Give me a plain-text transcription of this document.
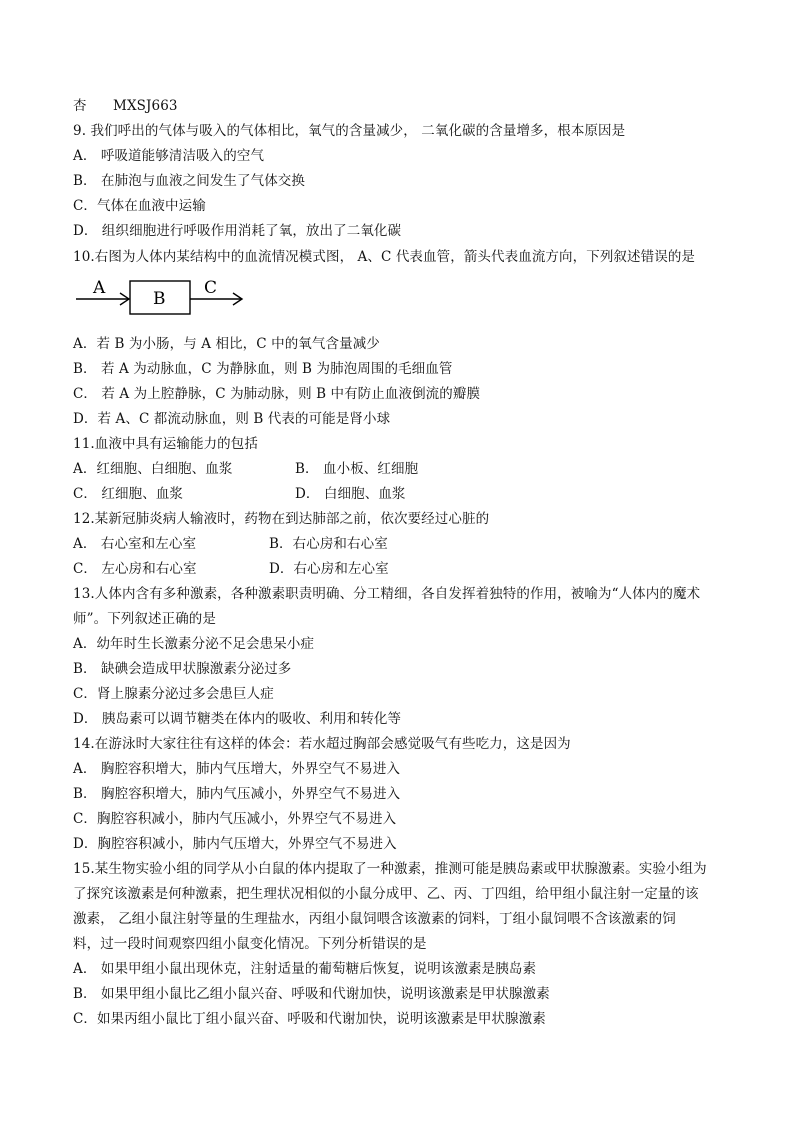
杏 MXSJ663
9. 我们呼出的气体与吸入的气体相比，氧气的含量减少， 二氧化碳的含量增多，根本原因是
A． 呼吸道能够清洁吸入的空气
B． 在肺泡与血液之间发生了气体交换
C．气体在血液中运输
D． 组织细胞进行呼吸作用消耗了氧，放出了二氧化碳
10.右图为人体内某结构中的血流情况模式图， A、C 代表血管，箭头代表血流方向，下列叙述错误的是
A
B
C
A．若 B 为小肠，与 A 相比，C 中的氧气含量减少
B． 若 A 为动脉血，C 为静脉血，则 B 为肺泡周围的毛细血管
C． 若 A 为上腔静脉，C 为肺动脉，则 B 中有防止血液倒流的瓣膜
D．若 A、C 都流动脉血，则 B 代表的可能是肾小球
11.血液中具有运输能力的包括
A．红细胞、白细胞、血浆	B． 血小板、红细胞
C． 红细胞、血浆	D． 白细胞、血浆
12.某新冠肺炎病人输液时，药物在到达肺部之前，依次要经过心脏的
A． 右心室和左心室	B．右心房和右心室
C． 左心房和右心室	D．右心房和左心室
13.人体内含有多种激素，各种激素职责明确、分工精细，各自发挥着独特的作用，被喻为“人体内的魔术
师”。下列叙述正确的是
A．幼年时生长激素分泌不足会患呆小症
B． 缺碘会造成甲状腺激素分泌过多
C．肾上腺素分泌过多会患巨人症
D． 胰岛素可以调节糖类在体内的吸收、利用和转化等
14.在游泳时大家往往有这样的体会：若水超过胸部会感觉吸气有些吃力，这是因为
A． 胸腔容积增大，肺内气压增大，外界空气不易进入
B． 胸腔容积增大，肺内气压减小，外界空气不易进入
C．胸腔容积减小，肺内气压减小，外界空气不易进入
D．胸腔容积减小，肺内气压增大，外界空气不易进入
15.某生物实验小组的同学从小白鼠的体内提取了一种激素，推测可能是胰岛素或甲状腺激素。实验小组为
了探究该激素是何种激素，把生理状况相似的小鼠分成甲、乙、丙、丁四组，给甲组小鼠注射一定量的该
激素， 乙组小鼠注射等量的生理盐水，丙组小鼠饲喂含该激素的饲料，丁组小鼠饲喂不含该激素的饲
料，过一段时间观察四组小鼠变化情况。下列分析错误的是
A． 如果甲组小鼠出现休克，注射适量的葡萄糖后恢复，说明该激素是胰岛素
B． 如果甲组小鼠比乙组小鼠兴奋、呼吸和代谢加快，说明该激素是甲状腺激素
C．如果丙组小鼠比丁组小鼠兴奋、呼吸和代谢加快，说明该激素是甲状腺激素
